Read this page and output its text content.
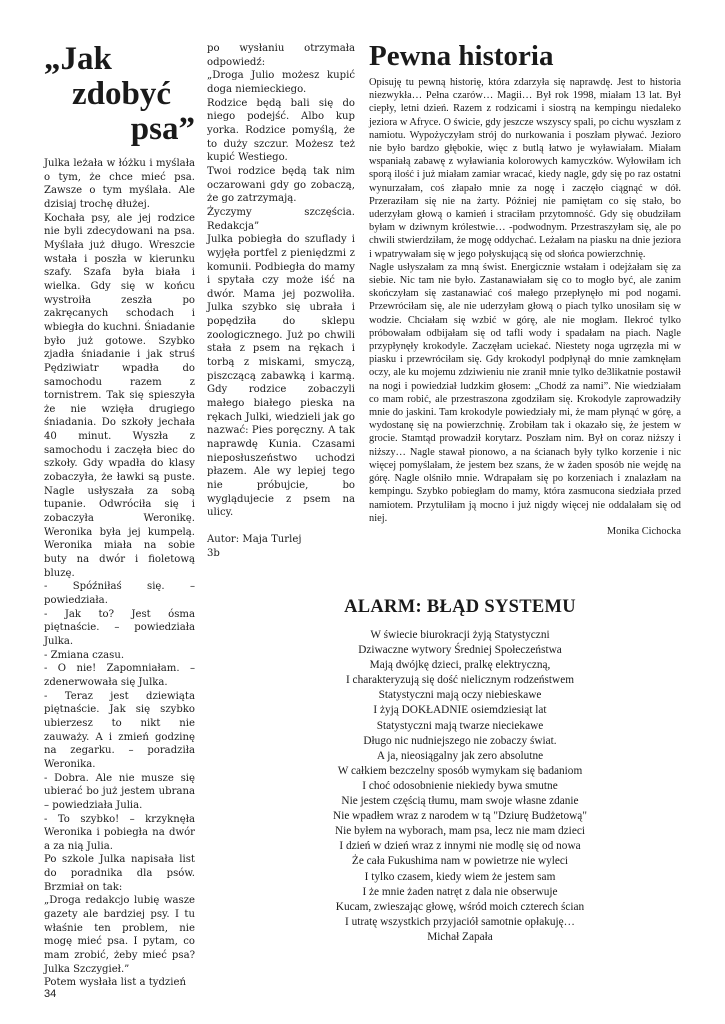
„Jak
zdobyć
psa”

Julka leżała w łóżku i myślała o tym, że chce mieć psa. Zawsze o tym myślała. Ale dzisiaj trochę dłużej.
Kochała psy, ale jej rodzice nie byli zdecydowani na psa. Myślała już długo. Wreszcie wstała i poszła w kierunku szafy. Szafa była biała i wielka. Gdy się w końcu wystroiła zeszła po zakręcanych schodach i wbiegła do kuchni. Śniadanie było już gotowe. Szybko zjadła śniadanie i jak struś Pędziwiatr wpadła do samochodu razem z tornistrem. Tak się spieszyła że nie wzięła drugiego śniadania. Do szkoły jechała 40 minut. Wyszła z samochodu i zaczęła biec do szkoły. Gdy wpadła do klasy zobaczyła, że ławki są puste. Nagle usłyszała za sobą tupanie. Odwróciła się i zobaczyła Weronikę. Weronika była jej kumpelą. Weronika miała na sobie buty na dwór i fioletową bluzę.
- Spóźniłaś się. – powiedziała.
- Jak to? Jest ósma piętnaście. – powiedziała Julka.
- Zmiana czasu.
- O nie! Zapomniałam. – zdenerwowała się Julka.
- Teraz jest dziewiąta piętnaście. Jak się szybko ubierzesz to nikt nie zauważy. A i zmień godzinę na zegarku. – poradziła Weronika.
- Dobra. Ale nie musze się ubierać bo już jestem ubrana – powiedziała Julia.
- To szybko! – krzyknęła Weronika i pobiegła na dwór a za nią Julia.
Po szkole Julka napisała list do poradnika dla psów. Brzmiał on tak:
„Droga redakcjo lubię wasze gazety ale bardziej psy. I tu właśnie ten problem, nie mogę mieć psa. I pytam, co mam zrobić, żeby mieć psa? Julka Szczygieł.”
Potem wysłała list a tydzień

po wysłaniu otrzymała odpowiedź:
„Droga Julio możesz kupić doga niemieckiego.
Rodzice będą bali się do niego podejść. Albo kup yorka. Rodzice pomyślą, że to duży szczur. Możesz też kupić Westiego.
Twoi rodzice będą tak nim oczarowani gdy go zobaczą, że go zatrzymają.
Życzymy szczęścia. Redakcja”
Julka pobiegła do szuflady i wyjęła portfel z pieniędzmi z komunii. Podbiegła do mamy i spytała czy może iść na dwór. Mama jej pozwoliła. Julka szybko się ubrała i popędziła do sklepu zoologicznego. Już po chwili stała z psem na rękach i torbą z miskami, smyczą, piszczącą zabawką i karmą. Gdy rodzice zobaczyli małego białego pieska na rękach Julki, wiedzieli jak go nazwać: Pies poręczny. A tak naprawdę Kunia. Czasami nieposłuszeństwo uchodzi płazem. Ale wy lepiej tego nie próbujcie, bo wyglądujecie z psem na ulicy.

Autor: Maja Turlej
3b
Pewna historia

Opisuję tu pewną historię, która zdarzyła się naprawdę. Jest to historia niezwykła… Pełna czarów… Magii… Był rok 1998, miałam 13 lat. Był ciepły, letni dzień. Razem z rodzicami i siostrą na kempingu niedaleko jeziora w Afryce. O świcie, gdy jeszcze wszyscy spali, po cichu wyszłam z namiotu. Wypożyczyłam strój do nurkowania i poszłam pływać. Jezioro nie było bardzo głębokie, więc z butlą łatwo je wyławiałam. Miałam wspaniałą zabawę z wyławiania kolorowych kamyczków. Wyłowiłam ich sporą ilość i już miałam zamiar wracać, kiedy nagle, gdy się po raz ostatni wynurzałam, coś złapało mnie za nogę i zaczęło ciągnąć w dół. Przeraziłam się nie na żarty. Później nie pamiętam co się stało, bo uderzyłam głową o kamień i straciłam przytomność. Gdy się obudziłam byłam w dziwnym królestwie… -podwodnym. Przestraszyłam się, ale po chwili stwierdziłam, że mogę oddychać. Leżałam na piasku na dnie jeziora i wpatrywałam się w jego połyskującą się od słońca powierzchnię.
Nagle usłyszałam za mną świst. Energicznie wstałam i odejżałam się za siebie. Nic tam nie było. Zastanawiałam się co to mogło być, ale zanim skończyłam się zastanawiać coś małego przepłynęło mi pod nogami. Przewróciłam się, ale nie uderzyłam głową o piach tylko unosiłam się w wodzie. Chciałam się wzbić w górę, ale nie mogłam. Ilekroć tylko próbowałam odbijałam się od tafli wody i spadałam na piach. Nagle przypłynęły krokodyle. Zaczęłam uciekać. Niestety noga ugrzęzła mi w piasku i przewróciłam się. Gdy krokodyl podpłynął do mnie zamknęłam oczy, ale ku mojemu zdziwieniu nie zranił mnie tylko de3likatnie postawił na nogi i powiedział ludzkim głosem: „Chodź za nami”. Nie wiedziałam co mam robić, ale przestraszona zgodziłam się. Krokodyle zaprowadziły mnie do jaskini. Tam krokodyle powiedziały mi, że mam płynąć w górę, a wydostanę się na powierzchnię. Zrobiłam tak i okazało się, że jestem w grocie. Stamtąd prowadził korytarz. Poszłam nim. Był on coraz niższy i niższy… Nagle stawał pionowo, a na ścianach były tylko korzenie i nic więcej pomyślałam, że jestem bez szans, że w żaden sposób nie wejdę na górę. Nagle olśniło mnie. Wdrapałam się po korzeniach i znalazłam na kempingu. Szybko pobiegłam do mamy, która zasmucona siedziała przed namiotem. Przytuliłam ją mocno i już nigdy więcej nie oddalałam się od niej.

Monika Cichocka
ALARM: BŁĄD SYSTEMU
W świecie biurokracji żyją Statystyczni
Dziwaczne wytwory Średniej Społeczeństwa
Mają dwójkę dzieci, pralkę elektryczną,
I charakteryzują się dość nielicznym rodzeństwem
Statystyczni mają oczy niebieskawe
I żyją DOKŁADNIE osiemdziesiąt lat
Statystyczni mają twarze nieciekawe
Długo nic nudniejszego nie zobaczy świat.
A ja, nieosiągalny jak zero absolutne
W całkiem bezczelny sposób wymykam się badaniom
I choć odosobnienie niekiedy bywa smutne
Nie jestem częścią tłumu, mam swoje własne zdanie
Nie wpadłem wraz z narodem w tą "Dziurę Budżetową"
Nie byłem na wyborach, mam psa, lecz nie mam dzieci
I dzień w dzień wraz z innymi nie modlę się od nowa
Że cała Fukushima nam w powietrze nie wyleci
I tylko czasem, kiedy wiem że jestem sam
I że mnie żaden natręt z dala nie obserwuje
Kucam, zwieszając głowę, wśród moich czterech ścian
I utratę wszystkich przyjaciół samotnie opłakuję…
Michał Zapała
34
